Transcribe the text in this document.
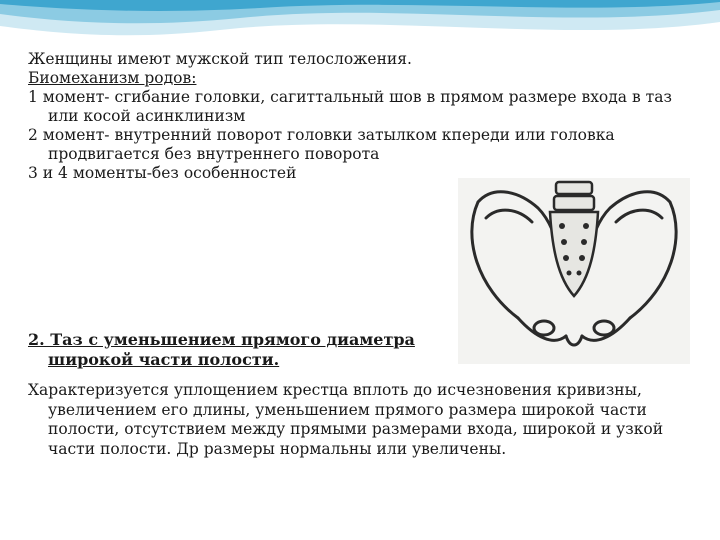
Женщины имеют мужской тип телосложения.

Биомеханизм родов:

1 момент- сгибание головки, сагиттальный шов в прямом размере входа в таз или косой асинклинизм

2 момент- внутренний поворот головки затылком кпереди или головка продвигается без внутреннего поворота

3 и 4 моменты-без особенностей

2. Таз с уменьшением прямого диаметра широкой части полости.
Характеризуется уплощением крестца вплоть до исчезновения кривизны, увеличением его длины, уменьшением прямого размера широкой части полости, отсутствием между прямыми размерами входа, широкой и узкой части полости. Др размеры нормальны или увеличены.
